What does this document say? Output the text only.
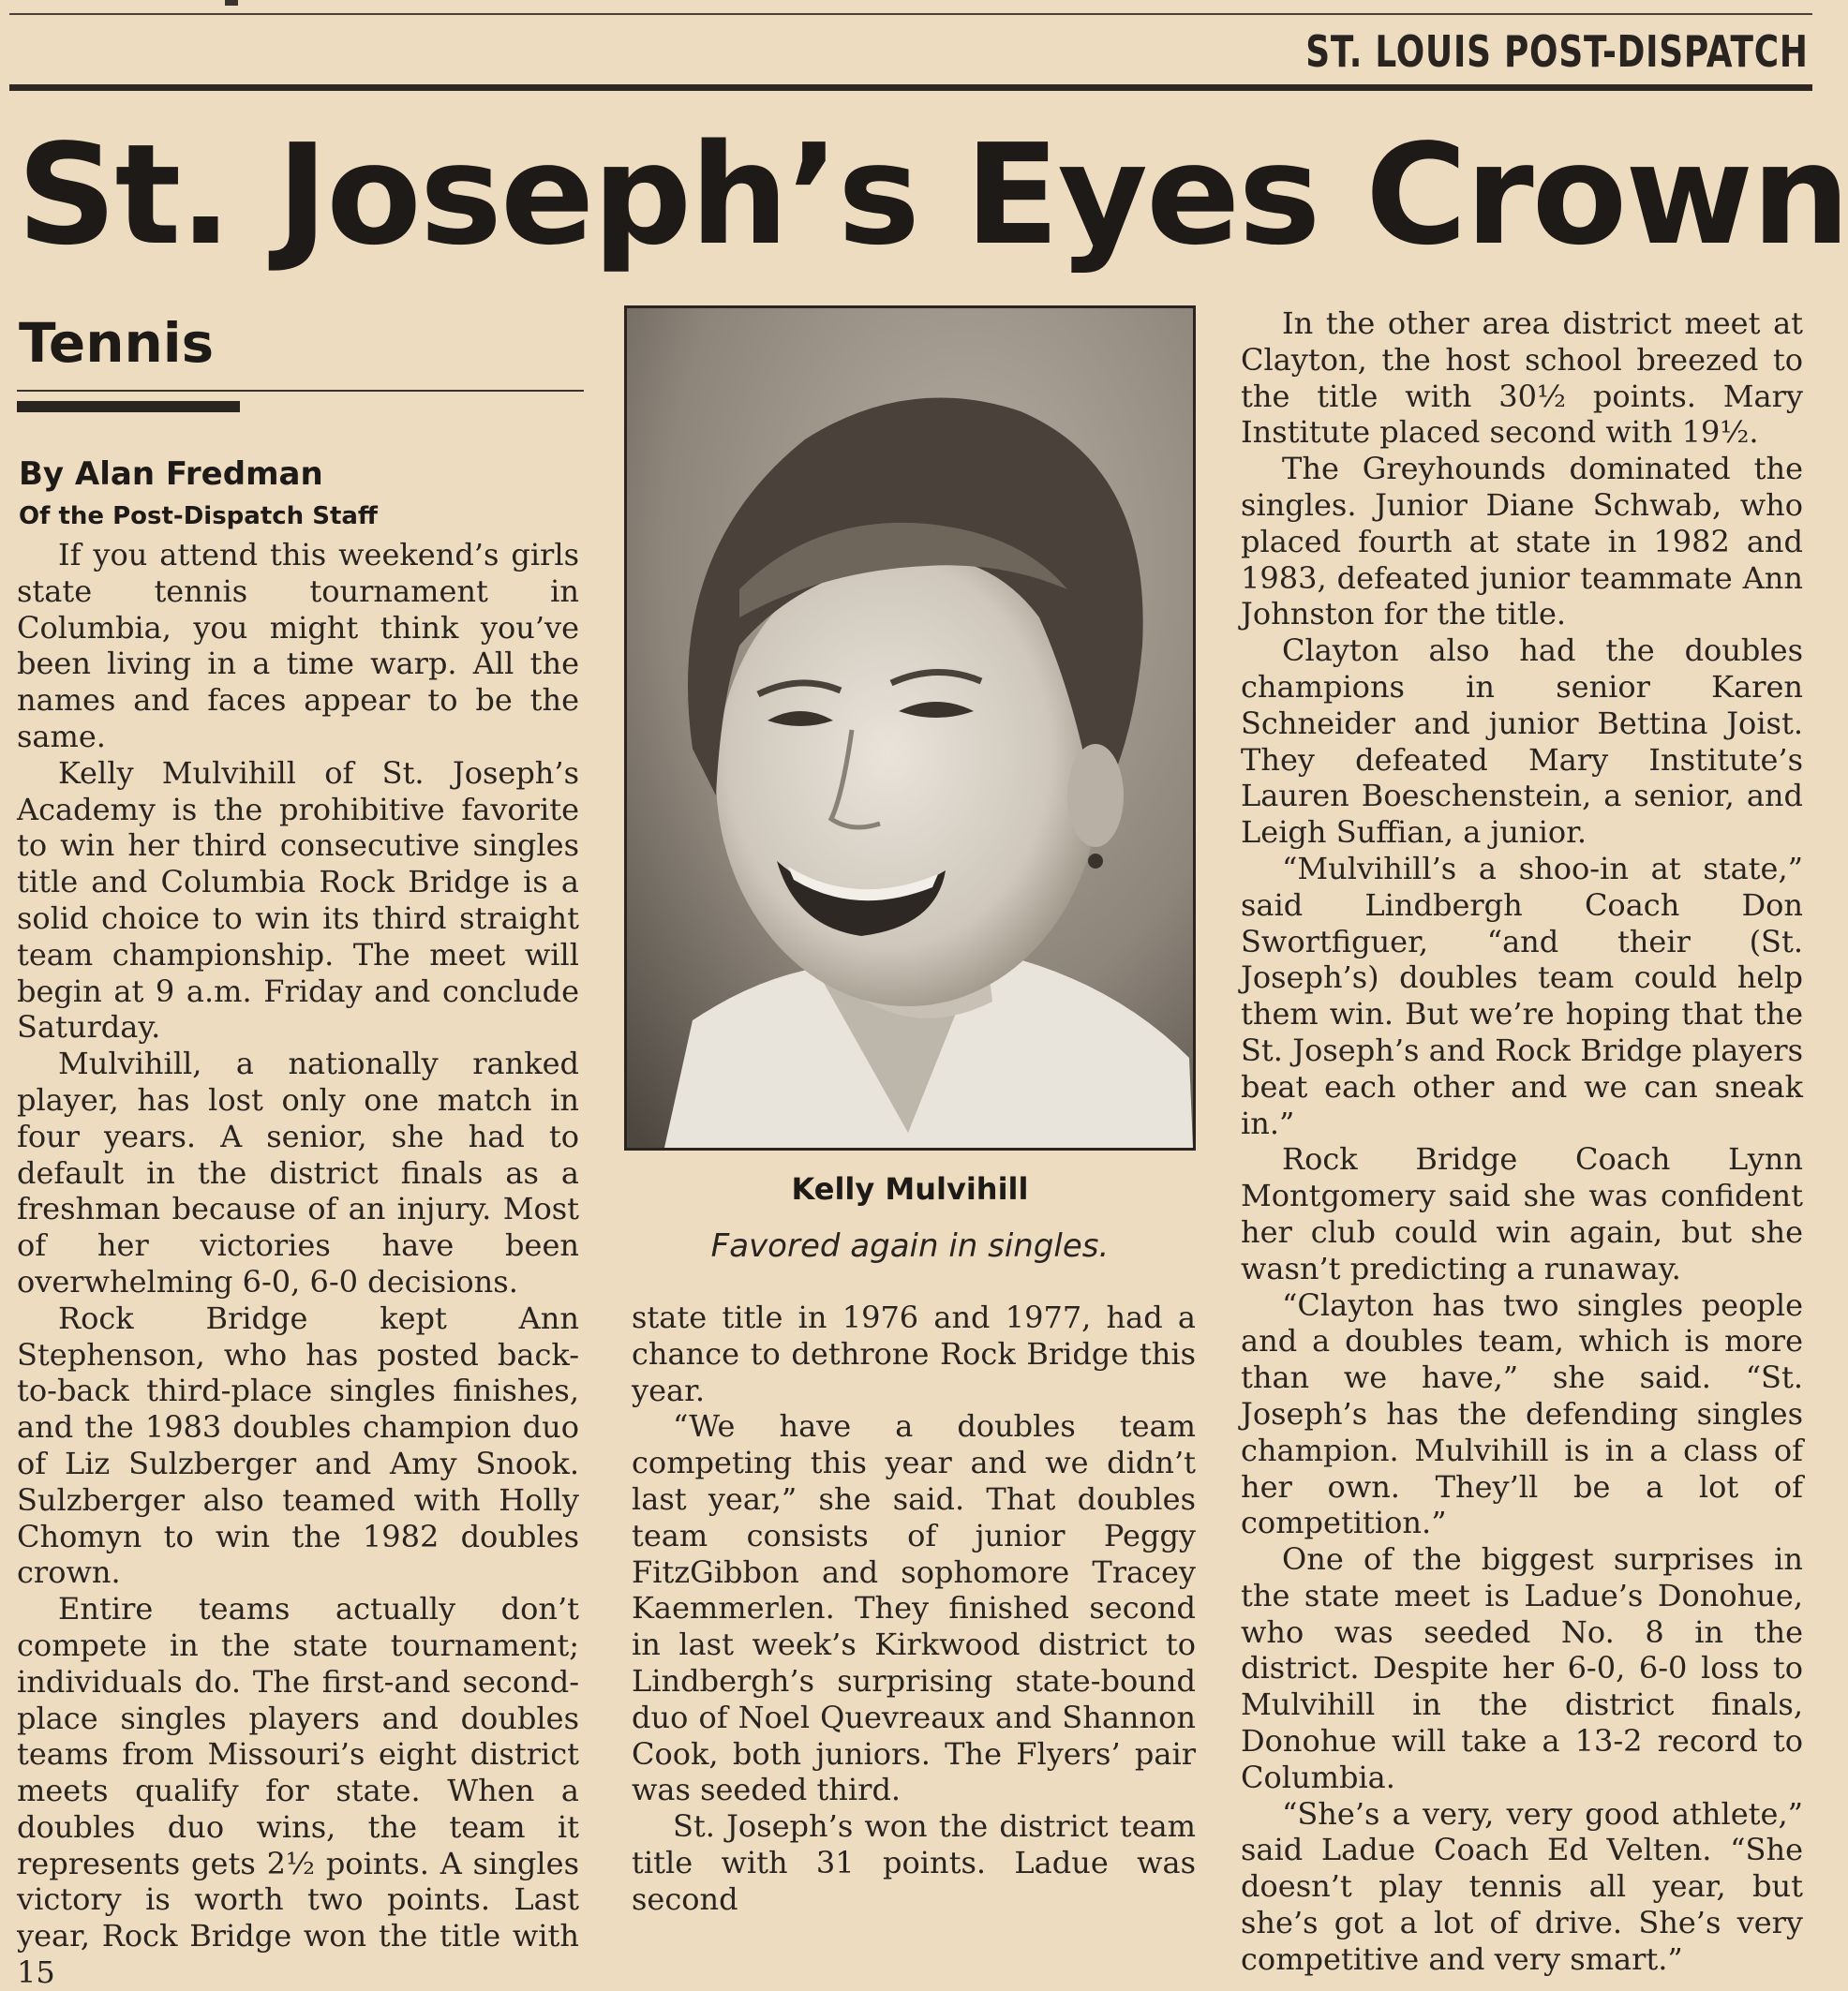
ST. LOUIS POST-DISPATCH
St. Joseph’s Eyes Crown
Tennis
By Alan Fredman
Of the Post-Dispatch Staff

If you attend this weekend’s girls state tennis tournament in Columbia, you might think you’ve been living in a time warp. All the names and faces appear to be the same.

Kelly Mulvihill of St. Joseph’s Academy is the prohibitive favorite to win her third consecutive singles title and Columbia Rock Bridge is a solid choice to win its third straight team championship. The meet will begin at 9 a.m. Friday and conclude Saturday.

Mulvihill, a nationally ranked player, has lost only one match in four years. A senior, she had to default in the district finals as a freshman because of an injury. Most of her victories have been overwhelming 6-0, 6-0 decisions.

Rock Bridge kept Ann Stephenson, who has posted back-to-back third-place singles finishes, and the 1983 doubles champion duo of Liz Sulzberger and Amy Snook. Sulzberger also teamed with Holly Chomyn to win the 1982 doubles crown.

Entire teams actually don’t compete in the state tournament; individuals do. The first-and second-place singles players and doubles teams from Missouri’s eight district meets qualify for state. When a doubles duo wins, the team it represents gets 2½ points. A singles victory is worth two points. Last year, Rock Bridge won the title with 15

Kelly Mulvihill
Favored again in singles.

state title in 1976 and 1977, had a chance to dethrone Rock Bridge this year.

“We have a doubles team competing this year and we didn’t last year,” she said. That doubles team consists of junior Peggy FitzGibbon and sophomore Tracey Kaemmerlen. They finished second in last week’s Kirkwood district to Lindbergh’s surprising state-bound duo of Noel Quevreaux and Shannon Cook, both juniors. The Flyers’ pair was seeded third.

St. Joseph’s won the district team title with 31 points. Ladue was second

In the other area district meet at Clayton, the host school breezed to the title with 30½ points. Mary Institute placed second with 19½.

The Greyhounds dominated the singles. Junior Diane Schwab, who placed fourth at state in 1982 and 1983, defeated junior teammate Ann Johnston for the title.

Clayton also had the doubles champions in senior Karen Schneider and junior Bettina Joist. They defeated Mary Institute’s Lauren Boeschenstein, a senior, and Leigh Suffian, a junior.

“Mulvihill’s a shoo-in at state,” said Lindbergh Coach Don Swortfiguer, “and their (St. Joseph’s) doubles team could help them win. But we’re hoping that the St. Joseph’s and Rock Bridge players beat each other and we can sneak in.”

Rock Bridge Coach Lynn Montgomery said she was confident her club could win again, but she wasn’t predicting a runaway.

“Clayton has two singles people and a doubles team, which is more than we have,” she said. “St. Joseph’s has the defending singles champion. Mulvihill is in a class of her own. They’ll be a lot of competition.”

One of the biggest surprises in the state meet is Ladue’s Donohue, who was seeded No. 8 in the district. Despite her 6-0, 6-0 loss to Mulvihill in the district finals, Donohue will take a 13-2 record to Columbia.

“She’s a very, very good athlete,” said Ladue Coach Ed Velten. “She doesn’t play tennis all year, but she’s got a lot of drive. She’s very competitive and very smart.”
